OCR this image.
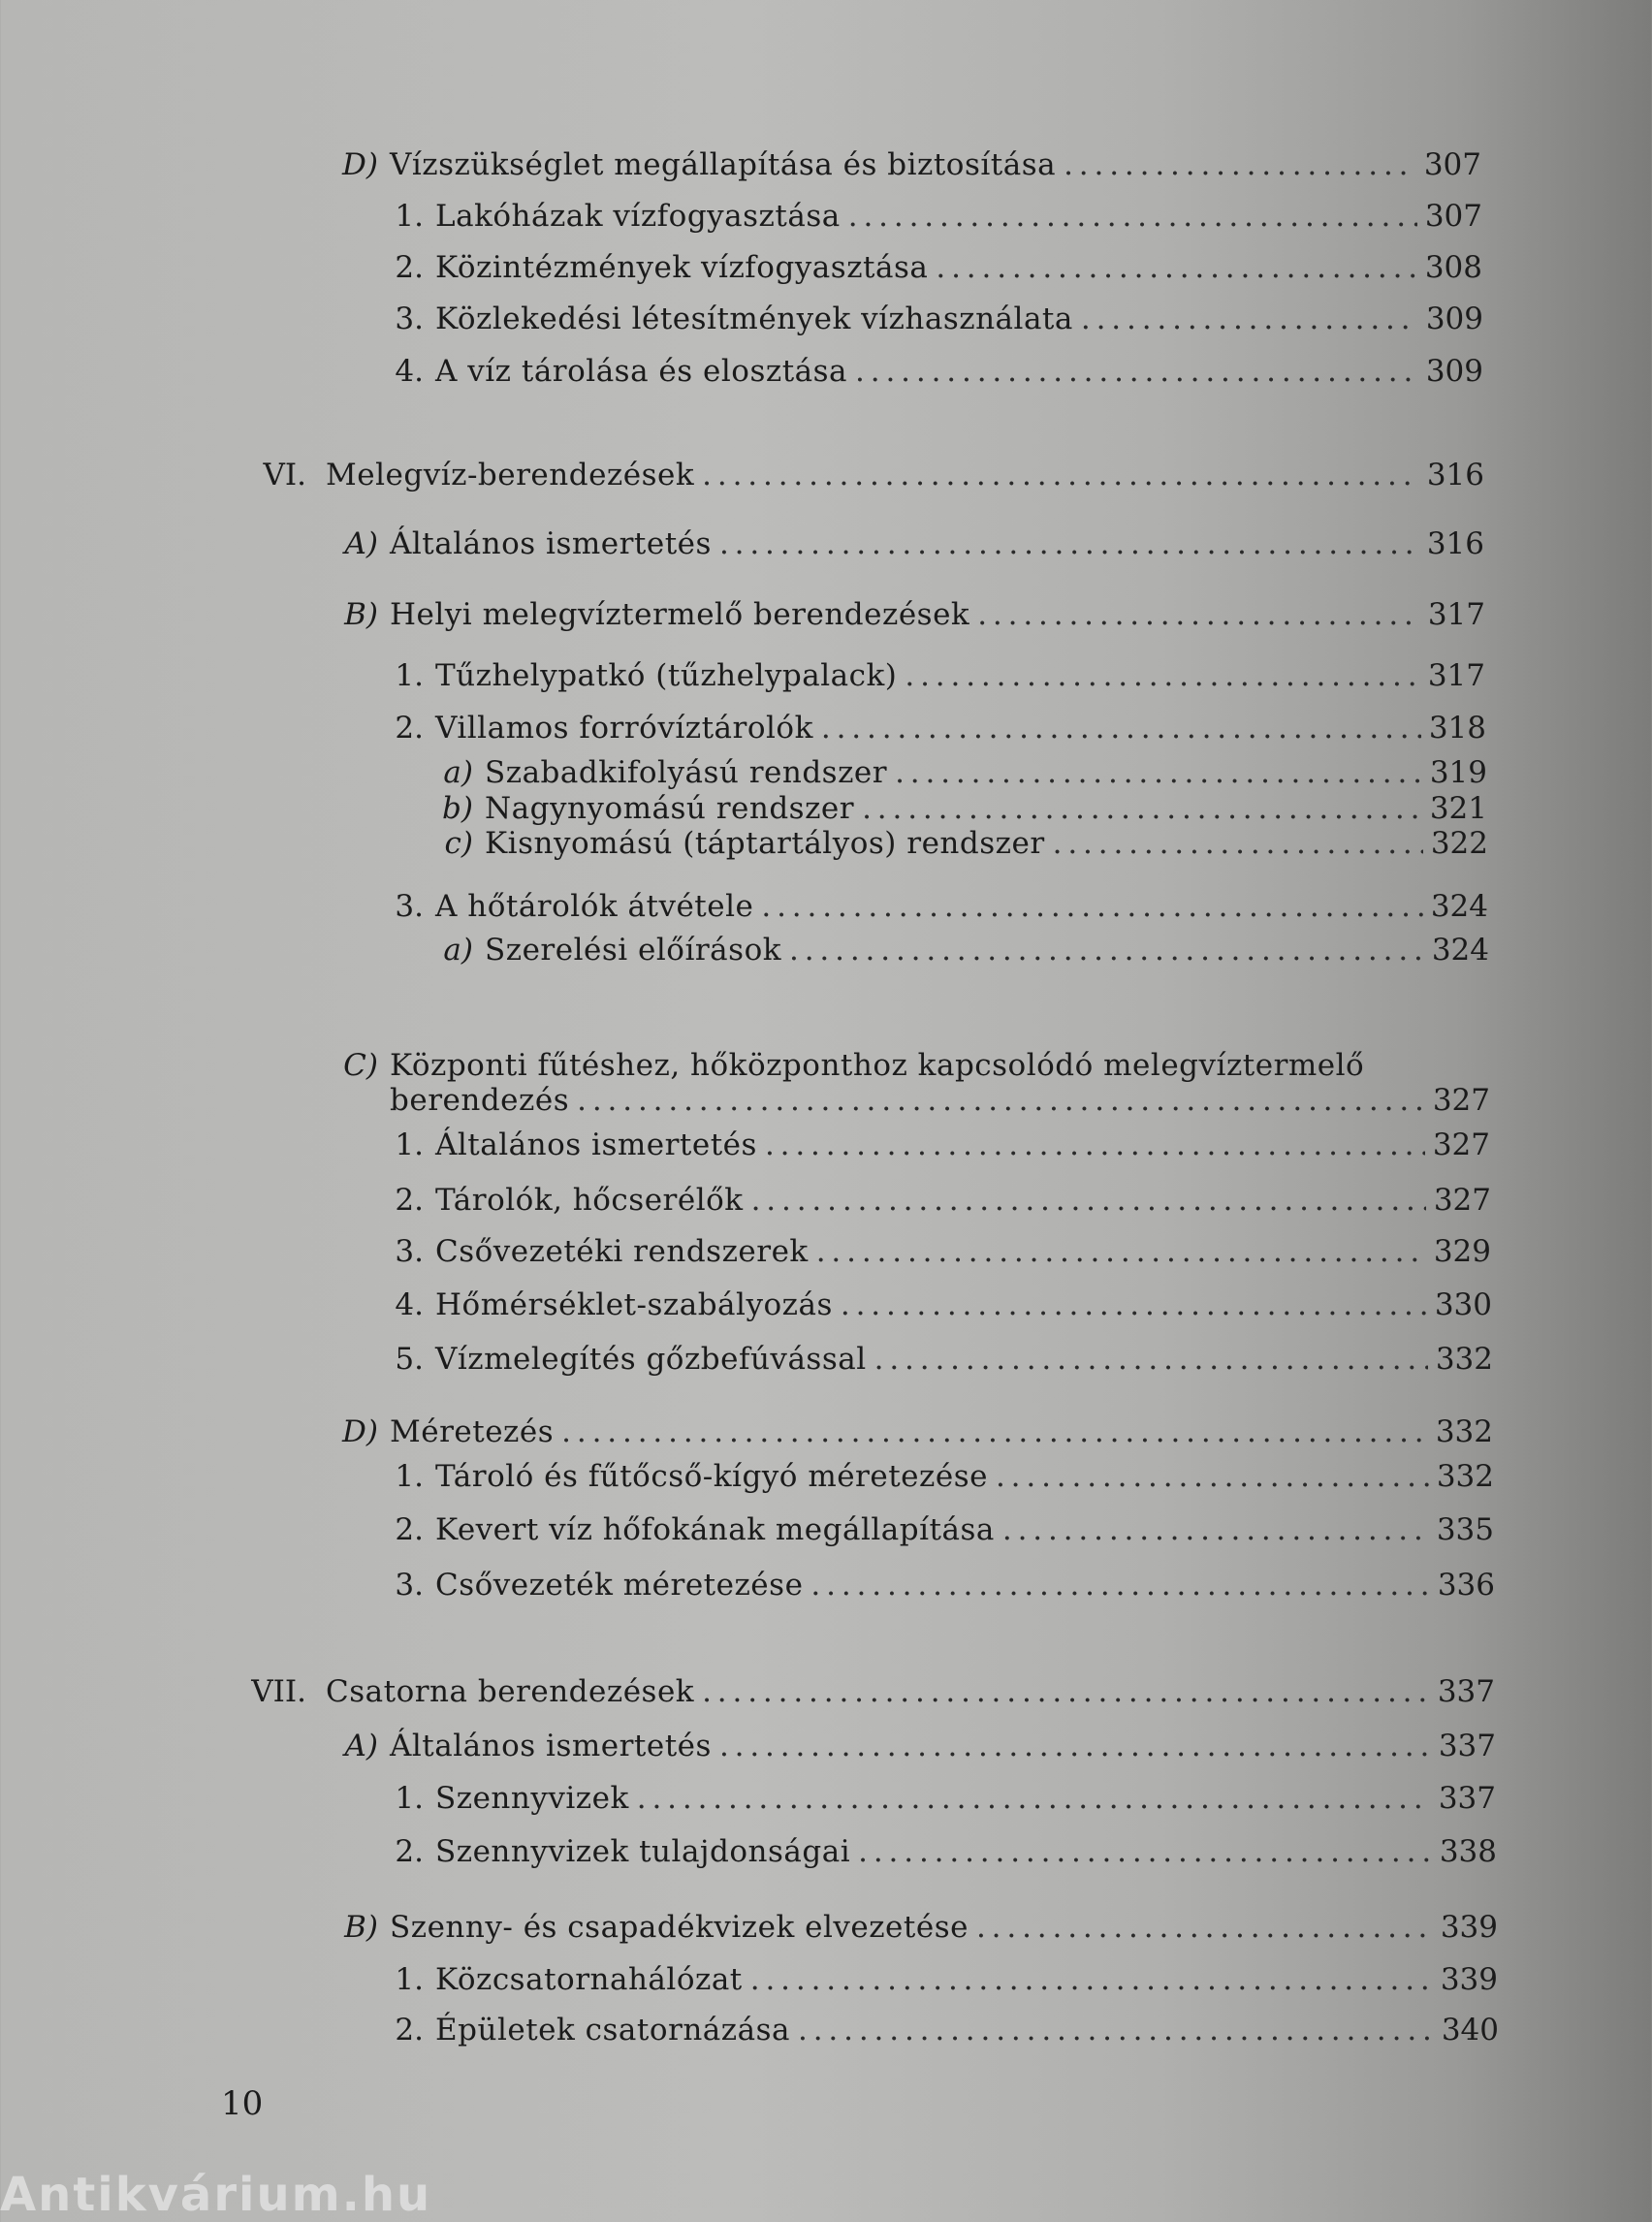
D) Vízszükséglet megállapítása és biztosítása . . .	307
1. Lakóházak vízfogyasztása . . .	307
2. Közintézmények vízfogyasztása . . .	308
3. Közlekedési létesítmények vízhasználata . . .	309
4. A víz tárolása és elosztása . . .	309
VI. Melegvíz-berendezések . . .	316
A) Általános ismertetés . . .	316
B) Helyi melegvíztermelő berendezések . . .	317
1. Tűzhelypatkó (tűzhelypalack) . . .	317
2. Villamos forróvíztárolók . . .	318
a) Szabadkifolyású rendszer . . .	319
b) Nagynyomású rendszer . . .	321
c) Kisnyomású (táptartályos) rendszer . . .	322
3. A hőtárolók átvétele . . .	324
a) Szerelési előírások . . .	324
C) Központi fűtéshez, hőközponthoz kapcsolódó melegvíztermelő
berendezés . . .	327
1. Általános ismertetés . . .	327
2. Tárolók, hőcserélők . . .	327
3. Csővezetéki rendszerek . . .	329
4. Hőmérséklet-szabályozás . . .	330
5. Vízmelegítés gőzbefúvással . . .	332
D) Méretezés . . .	332
1. Tároló és fűtőcső-kígyó méretezése . . .	332
2. Kevert víz hőfokának megállapítása . . .	335
3. Csővezeték méretezése . . .	336
VII. Csatorna berendezések . . .	337
A) Általános ismertetés . . .	337
1. Szennyvizek . . .	337
2. Szennyvizek tulajdonságai . . .	338
B) Szenny- és csapadékvizek elvezetése . . .	339
1. Közcsatornahálózat . . .	339
2. Épületek csatornázása . . .	340
10
Antikvárium.hu
